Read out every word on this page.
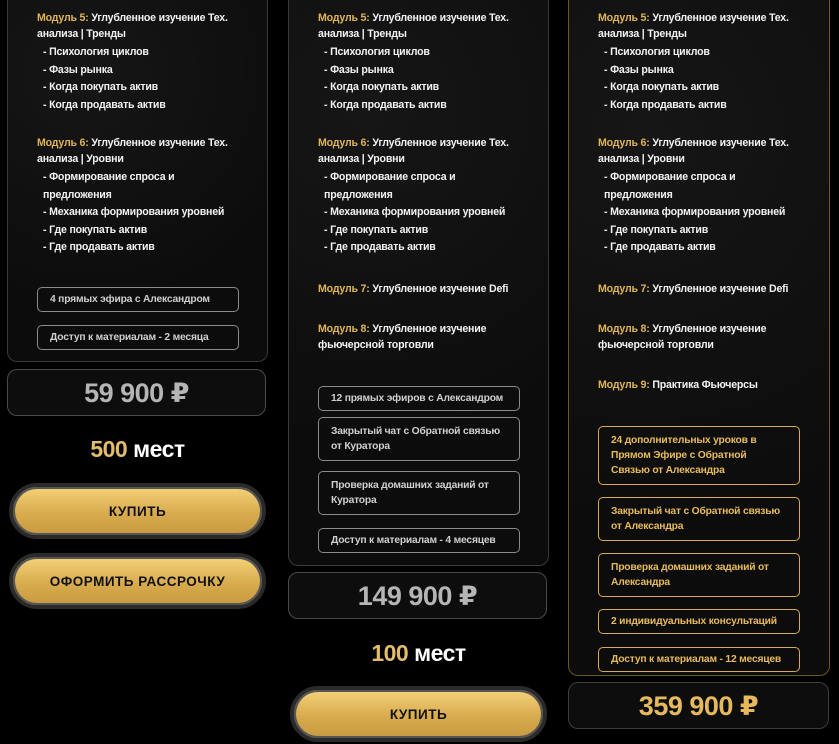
Модуль 5: Углубленное изучение Тех. анализа | Тренды
- Психология циклов
- Фазы рынка
- Когда покупать актив
- Когда продавать актив
Модуль 6: Углубленное изучение Тех. анализа | Уровни
- Формирование спроса и предложения
- Механика формирования уровней
- Где покупать актив
- Где продавать актив
4 прямых эфира с Александром
Доступ к материалам - 2 месяца
59 900 ₽
500 мест
КУПИТЬ
ОФОРМИТЬ РАССРОЧКУ
Модуль 5: Углубленное изучение Тех. анализа | Тренды
- Психология циклов
- Фазы рынка
- Когда покупать актив
- Когда продавать актив
Модуль 6: Углубленное изучение Тех. анализа | Уровни
- Формирование спроса и предложения
- Механика формирования уровней
- Где покупать актив
- Где продавать актив
Модуль 7: Углубленное изучение Defi
Модуль 8: Углубленное изучение фьючерсной торговли
12 прямых эфиров с Александром
Закрытый чат с Обратной связью от Куратора
Проверка домашних заданий от Куратора
Доступ к материалам - 4 месяцев
149 900 ₽
100 мест
КУПИТЬ
Модуль 5: Углубленное изучение Тех. анализа | Тренды
- Психология циклов
- Фазы рынка
- Когда покупать актив
- Когда продавать актив
Модуль 6: Углубленное изучение Тех. анализа | Уровни
- Формирование спроса и предложения
- Механика формирования уровней
- Где покупать актив
- Где продавать актив
Модуль 7: Углубленное изучение Defi
Модуль 8: Углубленное изучение фьючерсной торговли
Модуль 9: Практика Фьючерсы
24 дополнительных уроков в Прямом Эфире с Обратной Связью от Александра
Закрытый чат с Обратной связью от Александра
Проверка домашних заданий от Александра
2 индивидуальных консультаций
Доступ к материалам - 12 месяцев
359 900 ₽
